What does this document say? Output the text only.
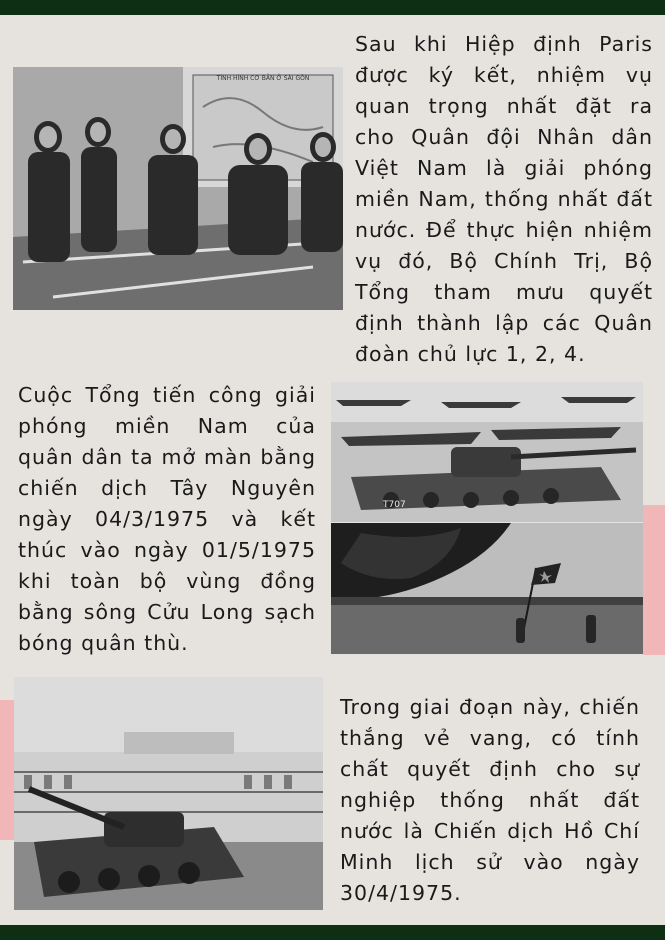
TÌNH HÌNH CƠ BẢN Ở SÀI GÒN

Sau khi Hiệp định Paris được ký kết, nhiệm vụ quan trọng nhất đặt ra cho Quân đội Nhân dân Việt Nam là giải phóng miền Nam, thống nhất đất nước. Để thực hiện nhiệm vụ đó, Bộ Chính Trị, Bộ Tổng tham mưu quyết định thành lập các Quân đoàn chủ lực 1, 2, 4.

Cuộc Tổng tiến công giải phóng miền Nam của quân dân ta mở màn bằng chiến dịch Tây Nguyên ngày 04/3/1975 và kết thúc vào ngày 01/5/1975 khi toàn bộ vùng đồng bằng sông Cửu Long sạch bóng quân thù.

T707

Trong giai đoạn này, chiến thắng vẻ vang, có tính chất quyết định cho sự nghiệp thống nhất đất nước là Chiến dịch Hồ Chí Minh lịch sử vào ngày 30/4/1975.
